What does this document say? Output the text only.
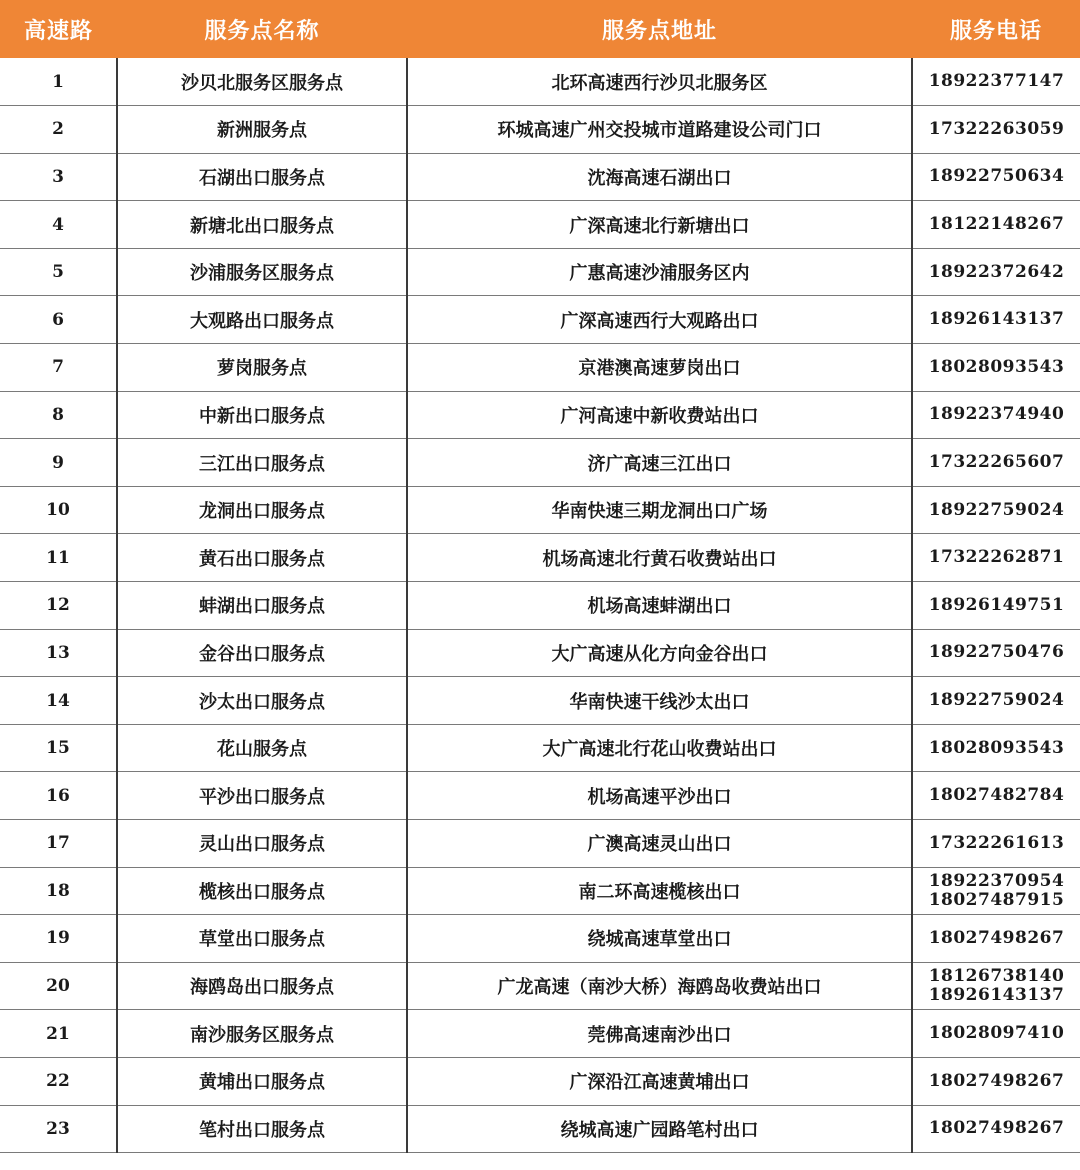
高速路	服务点名称	服务点地址	服务电话
1	沙贝北服务区服务点	北环高速西行沙贝北服务区	18922377147

2	新洲服务点	环城高速广州交投城市道路建设公司门口	17322263059

3	石湖出口服务点	沈海高速石湖出口	18922750634

4	新塘北出口服务点	广深高速北行新塘出口	18122148267

5	沙浦服务区服务点	广惠高速沙浦服务区内	18922372642

6	大观路出口服务点	广深高速西行大观路出口	18926143137

7	萝岗服务点	京港澳高速萝岗出口	18028093543

8	中新出口服务点	广河高速中新收费站出口	18922374940

9	三江出口服务点	济广高速三江出口	17322265607

10	龙洞出口服务点	华南快速三期龙洞出口广场	18922759024

11	黄石出口服务点	机场高速北行黄石收费站出口	17322262871

12	蚌湖出口服务点	机场高速蚌湖出口	18926149751

13	金谷出口服务点	大广高速从化方向金谷出口	18922750476

14	沙太出口服务点	华南快速干线沙太出口	18922759024

15	花山服务点	大广高速北行花山收费站出口	18028093543

16	平沙出口服务点	机场高速平沙出口	18027482784

17	灵山出口服务点	广澳高速灵山出口	17322261613

18	榄核出口服务点	南二环高速榄核出口	18922370954
18027487915

19	草堂出口服务点	绕城高速草堂出口	18027498267

20	海鸥岛出口服务点	广龙高速（南沙大桥）海鸥岛收费站出口	18126738140
18926143137

21	南沙服务区服务点	莞佛高速南沙出口	18028097410

22	黄埔出口服务点	广深沿江高速黄埔出口	18027498267

23	笔村出口服务点	绕城高速广园路笔村出口	18027498267
